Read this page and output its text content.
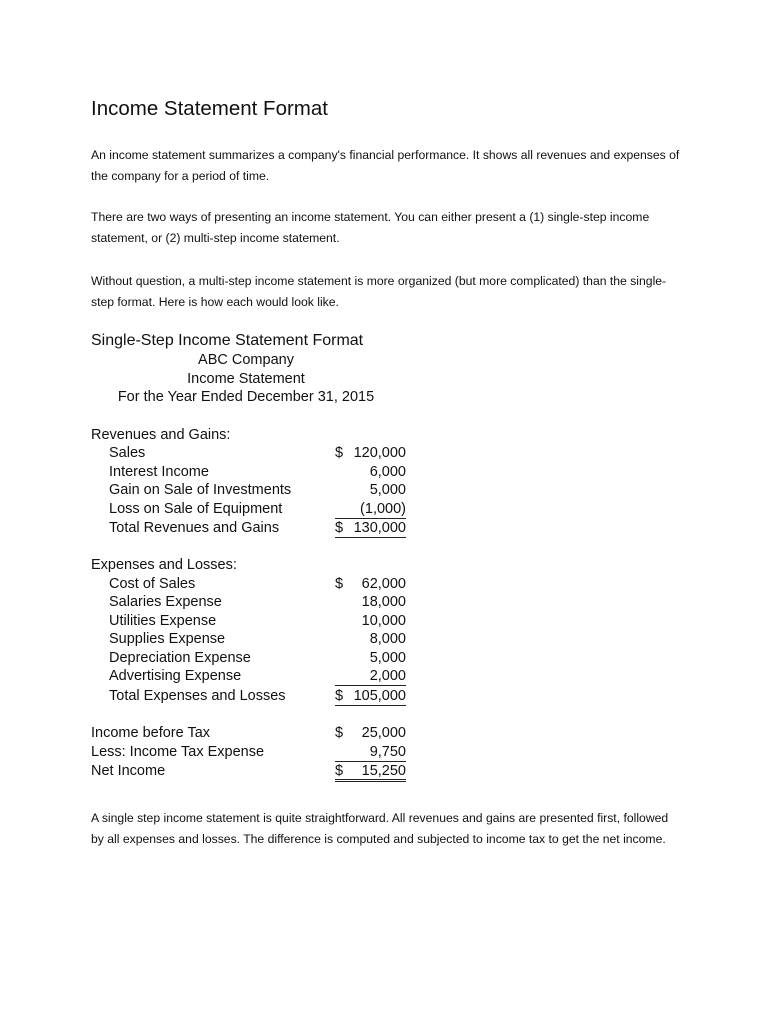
Income Statement Format
An income statement summarizes a company's financial performance. It shows all revenues and expenses of the company for a period of time.
There are two ways of presenting an income statement. You can either present a (1) single-step income statement, or (2) multi-step income statement.
Without question, a multi-step income statement is more organized (but more complicated) than the single-step format. Here is how each would look like.
Single-Step Income Statement Format
ABC Company
Income Statement
For the Year Ended December 31, 2015
Revenues and Gains:
Sales	$ 120,000
Interest Income	6,000
Gain on Sale of Investments	5,000
Loss on Sale of Equipment	(1,000)
Total Revenues and Gains	$ 130,000
Expenses and Losses:
Cost of Sales	$ 62,000
Salaries Expense	18,000
Utilities Expense	10,000
Supplies Expense	8,000
Depreciation Expense	5,000
Advertising Expense	2,000
Total Expenses and Losses	$ 105,000
Income before Tax	$ 25,000
Less: Income Tax Expense	9,750
Net Income	$ 15,250
A single step income statement is quite straightforward. All revenues and gains are presented first, followed by all expenses and losses. The difference is computed and subjected to income tax to get the net income.
